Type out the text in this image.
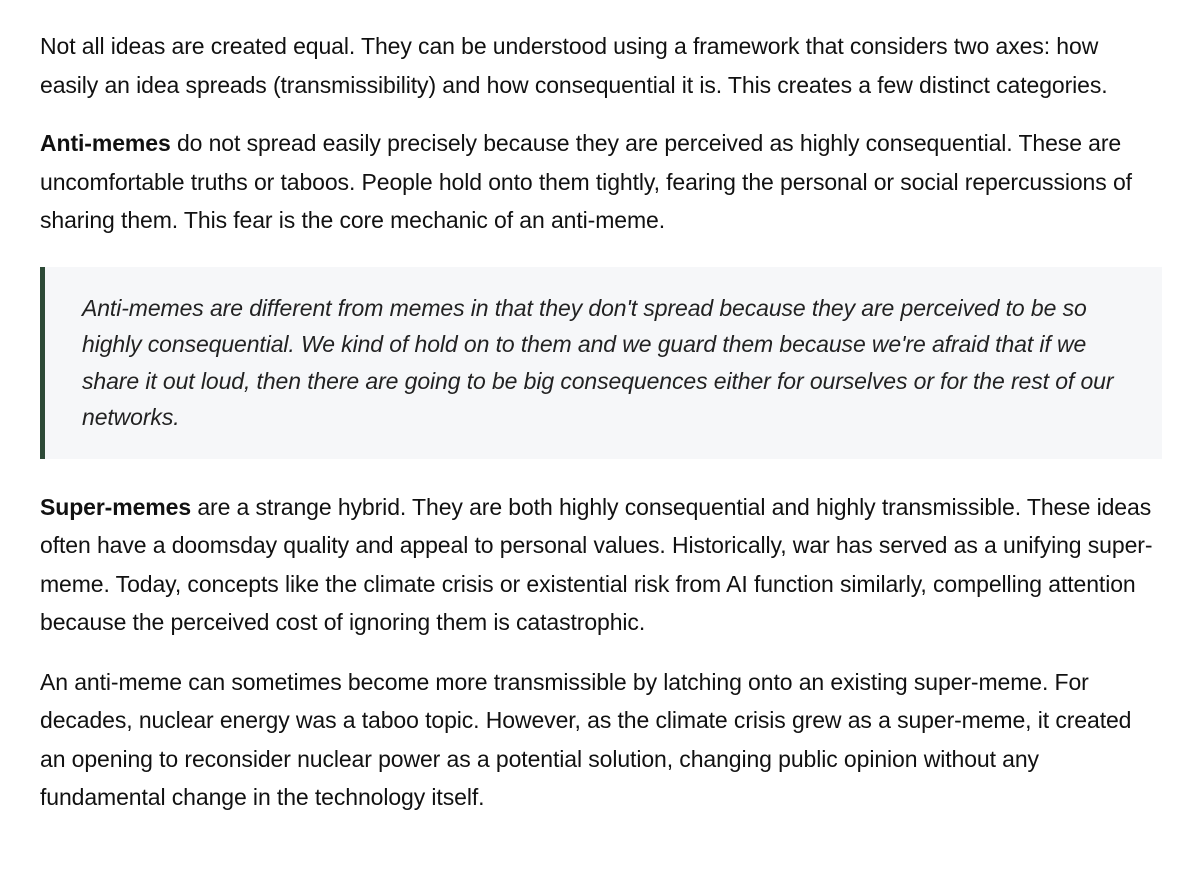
Not all ideas are created equal. They can be understood using a framework that considers two axes: how easily an idea spreads (transmissibility) and how consequential it is. This creates a few distinct categories.

Anti-memes do not spread easily precisely because they are perceived as highly consequential. These are uncomfortable truths or taboos. People hold onto them tightly, fearing the personal or social repercussions of sharing them. This fear is the core mechanic of an anti-meme.

Anti-memes are different from memes in that they don't spread because they are perceived to be so highly consequential. We kind of hold on to them and we guard them because we're afraid that if we share it out loud, then there are going to be big consequences either for ourselves or for the rest of our networks.

Super-memes are a strange hybrid. They are both highly consequential and highly transmissible. These ideas often have a doomsday quality and appeal to personal values. Historically, war has served as a unifying super-meme. Today, concepts like the climate crisis or existential risk from AI function similarly, compelling attention because the perceived cost of ignoring them is catastrophic.

An anti-meme can sometimes become more transmissible by latching onto an existing super-meme. For decades, nuclear energy was a taboo topic. However, as the climate crisis grew as a super-meme, it created an opening to reconsider nuclear power as a potential solution, changing public opinion without any fundamental change in the technology itself.
